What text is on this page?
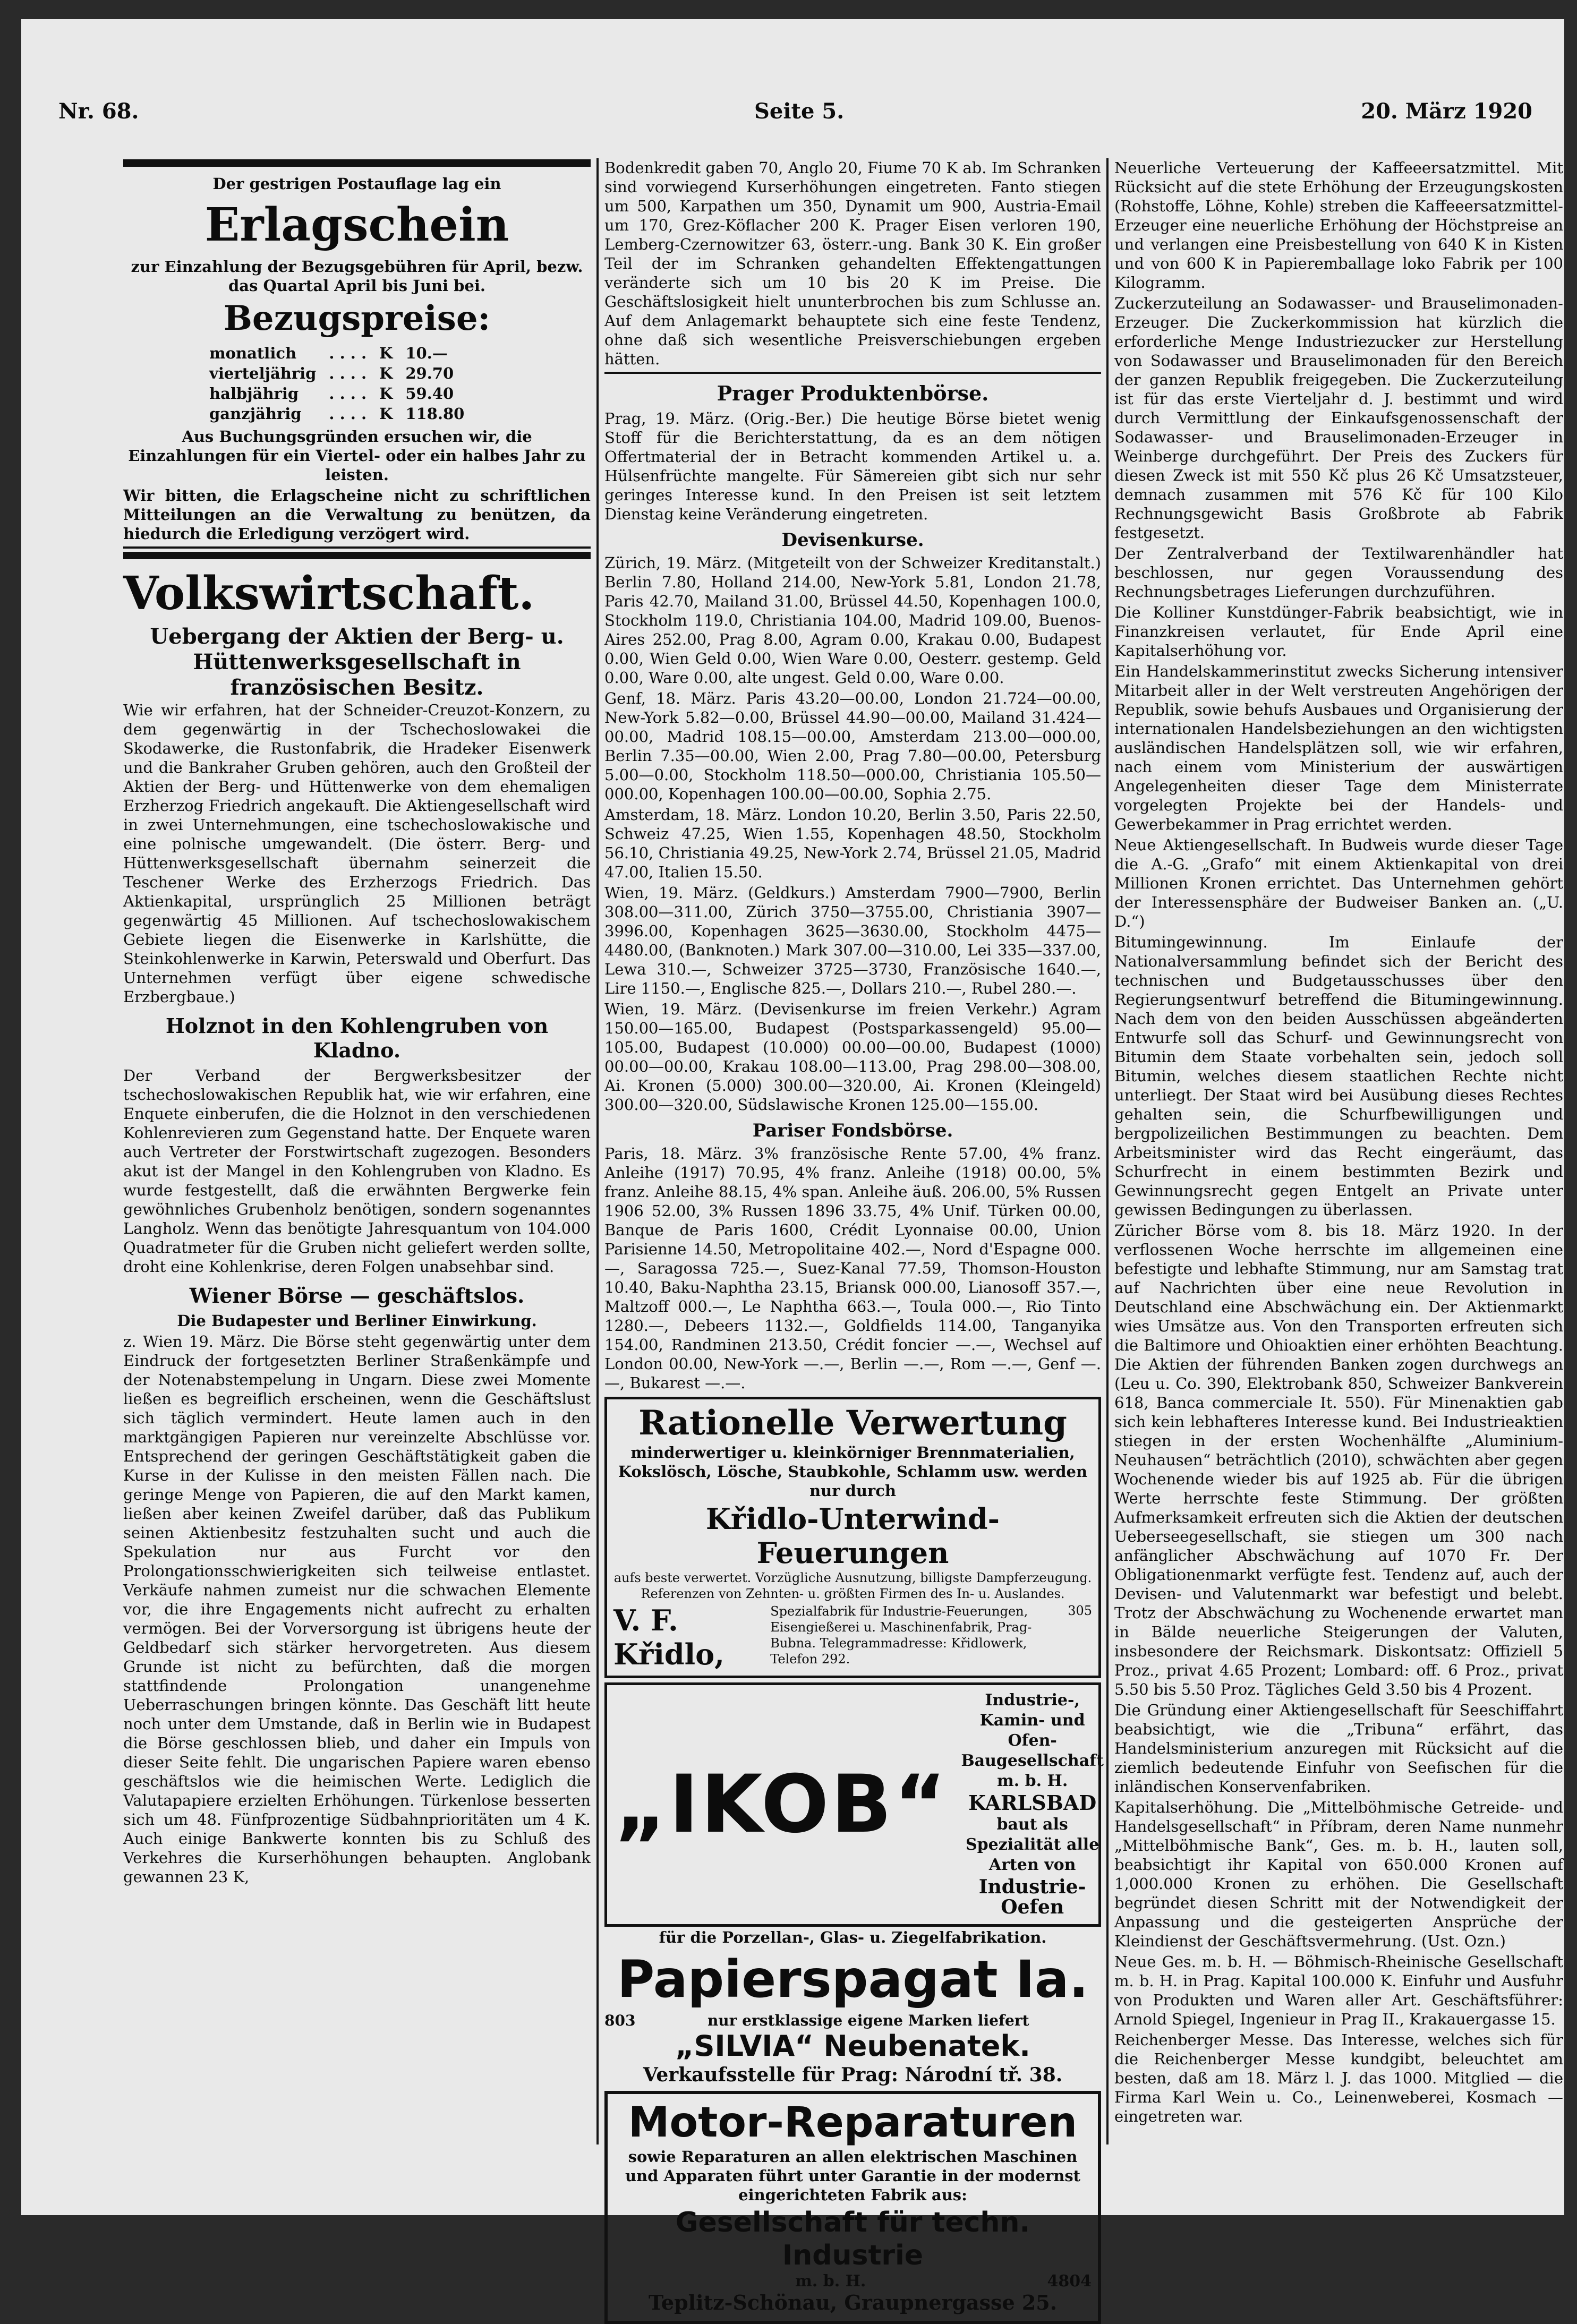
Nr. 68.	Seite 5.	20. März 1920

Der gestrigen Postauflage lag ein

Erlagschein

zur Einzahlung der Bezugsgebühren für April, bezw. das Quartal April bis Juni bei.

Bezugspreise:
monatlich	. . . .	K	10.—
vierteljährig	. . . .	K	29.70
halbjährig	. . . .	K	59.40
ganzjährig	. . . .	K	118.80

Aus Buchungsgründen ersuchen wir, die Einzahlungen für ein Viertel- oder ein halbes Jahr zu leisten.

Wir bitten, die Erlagscheine nicht zu schriftlichen Mitteilungen an die Verwaltung zu benützen, da hiedurch die Erledigung verzögert wird.

Volkswirtschaft.
Uebergang der Aktien der Berg- u. Hüttenwerksgesellschaft in französischen Besitz.

Wie wir erfahren, hat der Schneider-Creuzot-Konzern, zu dem gegenwärtig in der Tschechoslowakei die Skodawerke, die Rustonfabrik, die Hradeker Eisenwerk und die Bankraher Gruben gehören, auch den Großteil der Aktien der Berg- und Hüttenwerke von dem ehemaligen Erzherzog Friedrich angekauft. Die Aktiengesellschaft wird in zwei Unternehmungen, eine tschechoslowakische und eine polnische umgewandelt. (Die österr. Berg- und Hüttenwerksgesellschaft übernahm seinerzeit die Teschener Werke des Erzherzogs Friedrich. Das Aktienkapital, ursprünglich 25 Millionen beträgt gegenwärtig 45 Millionen. Auf tschechoslowakischem Gebiete liegen die Eisenwerke in Karlshütte, die Steinkohlenwerke in Karwin, Peterswald und Oberfurt. Das Unternehmen verfügt über eigene schwedische Erzbergbaue.)

Holznot in den Kohlengruben von Kladno.

Der Verband der Bergwerksbesitzer der tschechoslowakischen Republik hat, wie wir erfahren, eine Enquete einberufen, die die Holznot in den verschiedenen Kohlenrevieren zum Gegenstand hatte. Der Enquete waren auch Vertreter der Forstwirtschaft zugezogen. Besonders akut ist der Mangel in den Kohlengruben von Kladno. Es wurde festgestellt, daß die erwähnten Bergwerke fein gewöhnliches Grubenholz benötigen, sondern sogenanntes Langholz. Wenn das benötigte Jahresquantum von 104.000 Quadratmeter für die Gruben nicht geliefert werden sollte, droht eine Kohlenkrise, deren Folgen unabsehbar sind.

Wiener Börse — geschäftslos.

Die Budapester und Berliner Einwirkung.

z. Wien 19. März. Die Börse steht gegenwärtig unter dem Eindruck der fortgesetzten Berliner Straßenkämpfe und der Notenabstempelung in Ungarn. Diese zwei Momente ließen es begreiflich erscheinen, wenn die Geschäftslust sich täglich vermindert. Heute lamen auch in den marktgängigen Papieren nur vereinzelte Abschlüsse vor. Entsprechend der geringen Geschäftstätigkeit gaben die Kurse in der Kulisse in den meisten Fällen nach. Die geringe Menge von Papieren, die auf den Markt kamen, ließen aber keinen Zweifel darüber, daß das Publikum seinen Aktienbesitz festzuhalten sucht und auch die Spekulation nur aus Furcht vor den Prolongationsschwierigkeiten sich teilweise entlastet. Verkäufe nahmen zumeist nur die schwachen Elemente vor, die ihre Engagements nicht aufrecht zu erhalten vermögen. Bei der Vorversorgung ist übrigens heute der Geldbedarf sich stärker hervorgetreten. Aus diesem Grunde ist nicht zu befürchten, daß die morgen stattfindende Prolongation unangenehme Ueberraschungen bringen könnte. Das Geschäft litt heute noch unter dem Umstande, daß in Berlin wie in Budapest die Börse geschlossen blieb, und daher ein Impuls von dieser Seite fehlt. Die ungarischen Papiere waren ebenso geschäftslos wie die heimischen Werte. Lediglich die Valutapapiere erzielten Erhöhungen. Türkenlose besserten sich um 48. Fünfprozentige Südbahnprioritäten um 4 K. Auch einige Bankwerte konnten bis zu Schluß des Verkehres die Kurserhöhungen behaupten. Anglobank gewannen 23 K,

Bodenkredit gaben 70, Anglo 20, Fiume 70 K ab. Im Schranken sind vorwiegend Kurserhöhungen eingetreten. Fanto stiegen um 500, Karpathen um 350, Dynamit um 900, Austria-Email um 170, Grez-Köflacher 200 K. Prager Eisen verloren 190, Lemberg-Czernowitzer 63, österr.-ung. Bank 30 K. Ein großer Teil der im Schranken gehandelten Effektengattungen veränderte sich um 10 bis 20 K im Preise. Die Geschäftslosigkeit hielt ununterbrochen bis zum Schlusse an. Auf dem Anlagemarkt behauptete sich eine feste Tendenz, ohne daß sich wesentliche Preisverschiebungen ergeben hätten.

Prager Produktenbörse.

Prag, 19. März. (Orig.-Ber.) Die heutige Börse bietet wenig Stoff für die Berichterstattung, da es an dem nötigen Offertmaterial der in Betracht kommenden Artikel u. a. Hülsenfrüchte mangelte. Für Sämereien gibt sich nur sehr geringes Interesse kund. In den Preisen ist seit letztem Dienstag keine Veränderung eingetreten.

Devisenkurse.

Zürich, 19. März. (Mitgeteilt von der Schweizer Kreditanstalt.) Berlin 7.80, Holland 214.00, New-York 5.81, London 21.78, Paris 42.70, Mailand 31.00, Brüssel 44.50, Kopenhagen 100.0, Stockholm 119.0, Christiania 104.00, Madrid 109.00, Buenos-Aires 252.00, Prag 8.00, Agram 0.00, Krakau 0.00, Budapest 0.00, Wien Geld 0.00, Wien Ware 0.00, Oesterr. gestemp. Geld 0.00, Ware 0.00, alte ungest. Geld 0.00, Ware 0.00.

Genf, 18. März. Paris 43.20—00.00, London 21.724—00.00, New-York 5.82—0.00, Brüssel 44.90—00.00, Mailand 31.424—00.00, Madrid 108.15—00.00, Amsterdam 213.00—000.00, Berlin 7.35—00.00, Wien 2.00, Prag 7.80—00.00, Petersburg 5.00—0.00, Stockholm 118.50—000.00, Christiania 105.50—000.00, Kopenhagen 100.00—00.00, Sophia 2.75.

Amsterdam, 18. März. London 10.20, Berlin 3.50, Paris 22.50, Schweiz 47.25, Wien 1.55, Kopenhagen 48.50, Stockholm 56.10, Christiania 49.25, New-York 2.74, Brüssel 21.05, Madrid 47.00, Italien 15.50.

Wien, 19. März. (Geldkurs.) Amsterdam 7900—7900, Berlin 308.00—311.00, Zürich 3750—3755.00, Christiania 3907—3996.00, Kopenhagen 3625—3630.00, Stockholm 4475—4480.00, (Banknoten.) Mark 307.00—310.00, Lei 335—337.00, Lewa 310.—, Schweizer 3725—3730, Französische 1640.—, Lire 1150.—, Englische 825.—, Dollars 210.—, Rubel 280.—.

Wien, 19. März. (Devisenkurse im freien Verkehr.) Agram 150.00—165.00, Budapest (Postsparkassengeld) 95.00—105.00, Budapest (10.000) 00.00—00.00, Budapest (1000) 00.00—00.00, Krakau 108.00—113.00, Prag 298.00—308.00, Ai. Kronen (5.000) 300.00—320.00, Ai. Kronen (Kleingeld) 300.00—320.00, Südslawische Kronen 125.00—155.00.

Pariser Fondsbörse.

Paris, 18. März. 3% französische Rente 57.00, 4% franz. Anleihe (1917) 70.95, 4% franz. Anleihe (1918) 00.00, 5% franz. Anleihe 88.15, 4% span. Anleihe äuß. 206.00, 5% Russen 1906 52.00, 3% Russen 1896 33.75, 4% Unif. Türken 00.00, Banque de Paris 1600, Crédit Lyonnaise 00.00, Union Parisienne 14.50, Metropolitaine 402.—, Nord d'Espagne 000.—, Saragossa 725.—, Suez-Kanal 77.59, Thomson-Houston 10.40, Baku-Naphtha 23.15, Briansk 000.00, Lianosoff 357.—, Maltzoff 000.—, Le Naphtha 663.—, Toula 000.—, Rio Tinto 1280.—, Debeers 1132.—, Goldfields 114.00, Tanganyika 154.00, Randminen 213.50, Crédit foncier —.—, Wechsel auf London 00.00, New-York —.—, Berlin —.—, Rom —.—, Genf —.—, Bukarest —.—.

Rationelle Verwertung

minderwertiger u. kleinkörniger Brennmaterialien, Kokslösch, Lösche, Staubkohle, Schlamm usw. werden nur durch

Křidlo-Unterwind-Feuerungen

aufs beste verwertet. Vorzügliche Ausnutzung, billigste Dampferzeugung. Referenzen von Zehnten- u. größten Firmen des In- u. Auslandes.

V. F. Křidlo,
Spezialfabrik für Industrie-Feuerungen, Eisengießerei u. Maschinenfabrik, Prag-Bubna. Telegrammadresse: Křidlowerk, Telefon 292.
305
„IKOB“

Industrie-, Kamin- und Ofen-Baugesellschaft m. b. H.

KARLSBAD

baut als Spezialität alle Arten von

Industrie-Oefen

für die Porzellan-, Glas- u. Ziegelfabrikation.

Papierspagat Ia.
803	nur erstklassige eigene Marken liefert
„SILVIA“ Neubenatek.

Verkaufsstelle für Prag: Národní tř. 38.

Motor-Reparaturen

sowie Reparaturen an allen elektrischen Maschinen und Apparaten führt unter Garantie in der modernst eingerichteten Fabrik aus:

Gesellschaft für techn. Industrie
m. b. H.	4804

Teplitz-Schönau, Graupnergasse 25.

Neuerliche Verteuerung der Kaffeeersatzmittel. Mit Rücksicht auf die stete Erhöhung der Erzeugungskosten (Rohstoffe, Löhne, Kohle) streben die Kaffeeersatzmittel-Erzeuger eine neuerliche Erhöhung der Höchstpreise an und verlangen eine Preisbestellung von 640 K in Kisten und von 600 K in Papieremballage loko Fabrik per 100 Kilogramm.

Zuckerzuteilung an Sodawasser- und Brauselimonaden-Erzeuger. Die Zuckerkommission hat kürzlich die erforderliche Menge Industriezucker zur Herstellung von Sodawasser und Brauselimonaden für den Bereich der ganzen Republik freigegeben. Die Zuckerzuteilung ist für das erste Vierteljahr d. J. bestimmt und wird durch Vermittlung der Einkaufsgenossenschaft der Sodawasser- und Brauselimonaden-Erzeuger in Weinberge durchgeführt. Der Preis des Zuckers für diesen Zweck ist mit 550 Kč plus 26 Kč Umsatzsteuer, demnach zusammen mit 576 Kč für 100 Kilo Rechnungsgewicht Basis Großbrote ab Fabrik festgesetzt.

Der Zentralverband der Textilwarenhändler hat beschlossen, nur gegen Voraussendung des Rechnungsbetrages Lieferungen durchzuführen.

Die Kolliner Kunstdünger-Fabrik beabsichtigt, wie in Finanzkreisen verlautet, für Ende April eine Kapitalserhöhung vor.

Ein Handelskammerinstitut zwecks Sicherung intensiver Mitarbeit aller in der Welt verstreuten Angehörigen der Republik, sowie behufs Ausbaues und Organisierung der internationalen Handelsbeziehungen an den wichtigsten ausländischen Handelsplätzen soll, wie wir erfahren, nach einem vom Ministerium der auswärtigen Angelegenheiten dieser Tage dem Ministerrate vorgelegten Projekte bei der Handels- und Gewerbekammer in Prag errichtet werden.

Neue Aktiengesellschaft. In Budweis wurde dieser Tage die A.-G. „Grafo“ mit einem Aktienkapital von drei Millionen Kronen errichtet. Das Unternehmen gehört der Interessensphäre der Budweiser Banken an. („U. D.“)

Bitumingewinnung. Im Einlaufe der Nationalversammlung befindet sich der Bericht des technischen und Budgetausschusses über den Regierungsentwurf betreffend die Bitumingewinnung. Nach dem von den beiden Ausschüssen abgeänderten Entwurfe soll das Schurf- und Gewinnungsrecht von Bitumin dem Staate vorbehalten sein, jedoch soll Bitumin, welches diesem staatlichen Rechte nicht unterliegt. Der Staat wird bei Ausübung dieses Rechtes gehalten sein, die Schurfbewilligungen und bergpolizeilichen Bestimmungen zu beachten. Dem Arbeitsminister wird das Recht eingeräumt, das Schurfrecht in einem bestimmten Bezirk und Gewinnungsrecht gegen Entgelt an Private unter gewissen Bedingungen zu überlassen.

Züricher Börse vom 8. bis 18. März 1920. In der verflossenen Woche herrschte im allgemeinen eine befestigte und lebhafte Stimmung, nur am Samstag trat auf Nachrichten über eine neue Revolution in Deutschland eine Abschwächung ein. Der Aktienmarkt wies Umsätze aus. Von den Transporten erfreuten sich die Baltimore und Ohioaktien einer erhöhten Beachtung. Die Aktien der führenden Banken zogen durchwegs an (Leu u. Co. 390, Elektrobank 850, Schweizer Bankverein 618, Banca commerciale It. 550). Für Minenaktien gab sich kein lebhafteres Interesse kund. Bei Industrieaktien stiegen in der ersten Wochenhälfte „Aluminium-Neuhausen“ beträchtlich (2010), schwächten aber gegen Wochenende wieder bis auf 1925 ab. Für die übrigen Werte herrschte feste Stimmung. Der größten Aufmerksamkeit erfreuten sich die Aktien der deutschen Ueberseegesellschaft, sie stiegen um 300 nach anfänglicher Abschwächung auf 1070 Fr. Der Obligationenmarkt verfügte fest. Tendenz auf, auch der Devisen- und Valutenmarkt war befestigt und belebt. Trotz der Abschwächung zu Wochenende erwartet man in Bälde neuerliche Steigerungen der Valuten, insbesondere der Reichsmark. Diskontsatz: Offiziell 5 Proz., privat 4.65 Prozent; Lombard: off. 6 Proz., privat 5.50 bis 5.50 Proz. Tägliches Geld 3.50 bis 4 Prozent.

Die Gründung einer Aktiengesellschaft für Seeschiffahrt beabsichtigt, wie die „Tribuna“ erfährt, das Handelsministerium anzuregen mit Rücksicht auf die ziemlich bedeutende Einfuhr von Seefischen für die inländischen Konservenfabriken.

Kapitalserhöhung. Die „Mittelböhmische Getreide- und Handelsgesellschaft“ in Příbram, deren Name nunmehr „Mittelböhmische Bank“, Ges. m. b. H., lauten soll, beabsichtigt ihr Kapital von 650.000 Kronen auf 1,000.000 Kronen zu erhöhen. Die Gesellschaft begründet diesen Schritt mit der Notwendigkeit der Anpassung und die gesteigerten Ansprüche der Kleindienst der Geschäftsvermehrung. (Ust. Ozn.)

Neue Ges. m. b. H. — Böhmisch-Rheinische Gesellschaft m. b. H. in Prag. Kapital 100.000 K. Einfuhr und Ausfuhr von Produkten und Waren aller Art. Geschäftsführer: Arnold Spiegel, Ingenieur in Prag II., Krakauergasse 15.

Reichenberger Messe. Das Interesse, welches sich für die Reichenberger Messe kundgibt, beleuchtet am besten, daß am 18. März l. J. das 1000. Mitglied — die Firma Karl Wein u. Co., Leinenweberei, Kosmach — eingetreten war.
